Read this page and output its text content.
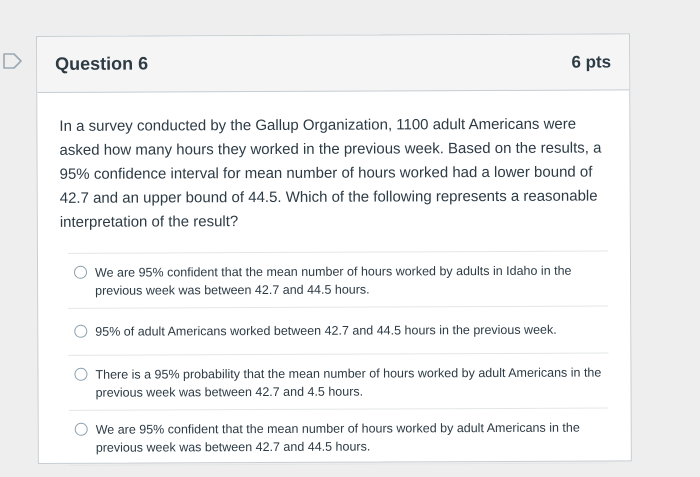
Question 6	6 pts
In a survey conducted by the Gallup Organization, 1100 adult Americans were asked how many hours they worked in the previous week. Based on the results, a 95% confidence interval for mean number of hours worked had a lower bound of 42.7 and an upper bound of 44.5. Which of the following represents a reasonable interpretation of the result?
We are 95% confident that the mean number of hours worked by adults in Idaho in the previous week was between 42.7 and 44.5 hours.
95% of adult Americans worked between 42.7 and 44.5 hours in the previous week.
There is a 95% probability that the mean number of hours worked by adult Americans in the previous week was between 42.7 and 4.5 hours.
We are 95% confident that the mean number of hours worked by adult Americans in the previous week was between 42.7 and 44.5 hours.
